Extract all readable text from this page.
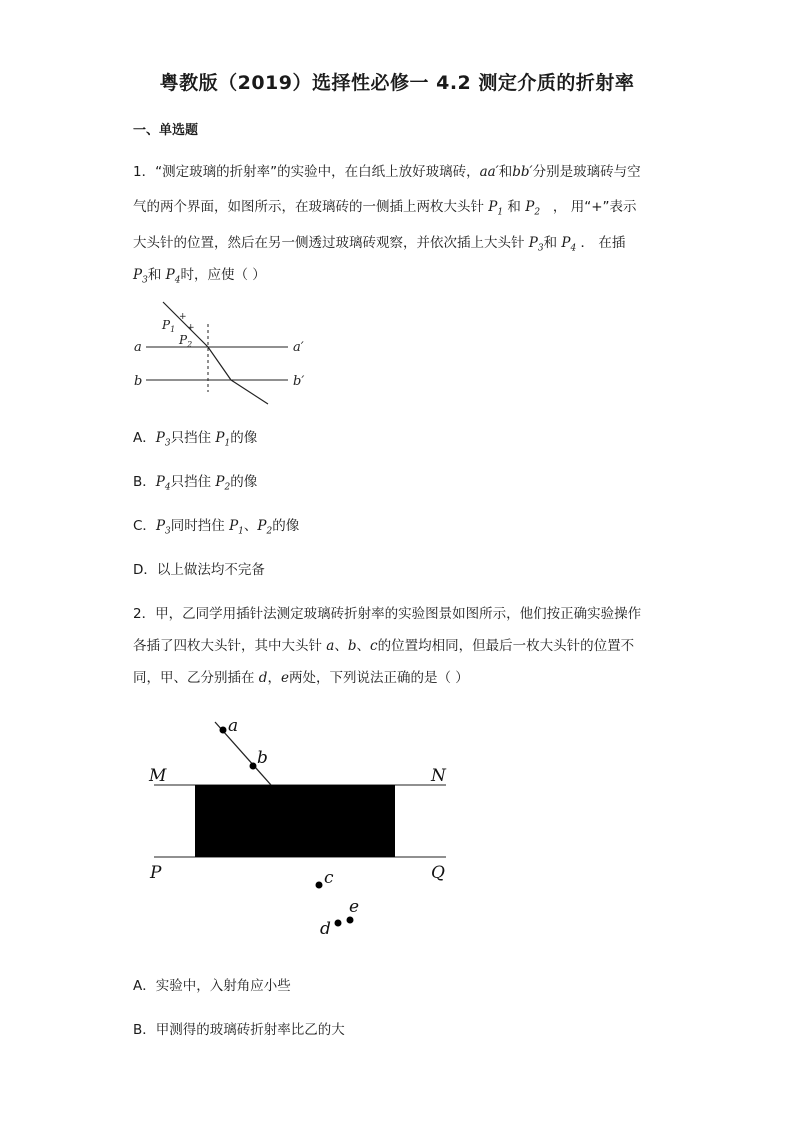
粤教版（2019）选择性必修一 4.2 测定介质的折射率
一、单选题
1．“测定玻璃的折射率”的实验中，在白纸上放好玻璃砖，aa′和bb′分别是玻璃砖与空
气的两个界面，如图所示，在玻璃砖的一侧插上两枚大头针 $P_1$ 和 $P_2$ ， 用“+”表示
大头针的位置，然后在另一侧透过玻璃砖观察，并依次插上大头针 $P_3$和 $P_4$ ． 在插
$P_3$和 $P_4$时，应使（ ）
+
+
$P_1$
$P_2$
a	a′
b	b′
A．$P_3$只挡住 $P_1$的像
B．$P_4$只挡住 $P_2$的像
C．$P_3$同时挡住 $P_1$、$P_2$的像
D．以上做法均不完备
2．甲，乙同学用插针法测定玻璃砖折射率的实验图景如图所示，他们按正确实验操作
各插了四枚大头针，其中大头针 a、b、c的位置均相同，但最后一枚大头针的位置不
同，甲、乙分别插在 d，e两处，下列说法正确的是（ ）
a
b
c
d
e
M	N
P	Q
A．实验中，入射角应小些
B．甲测得的玻璃砖折射率比乙的大
